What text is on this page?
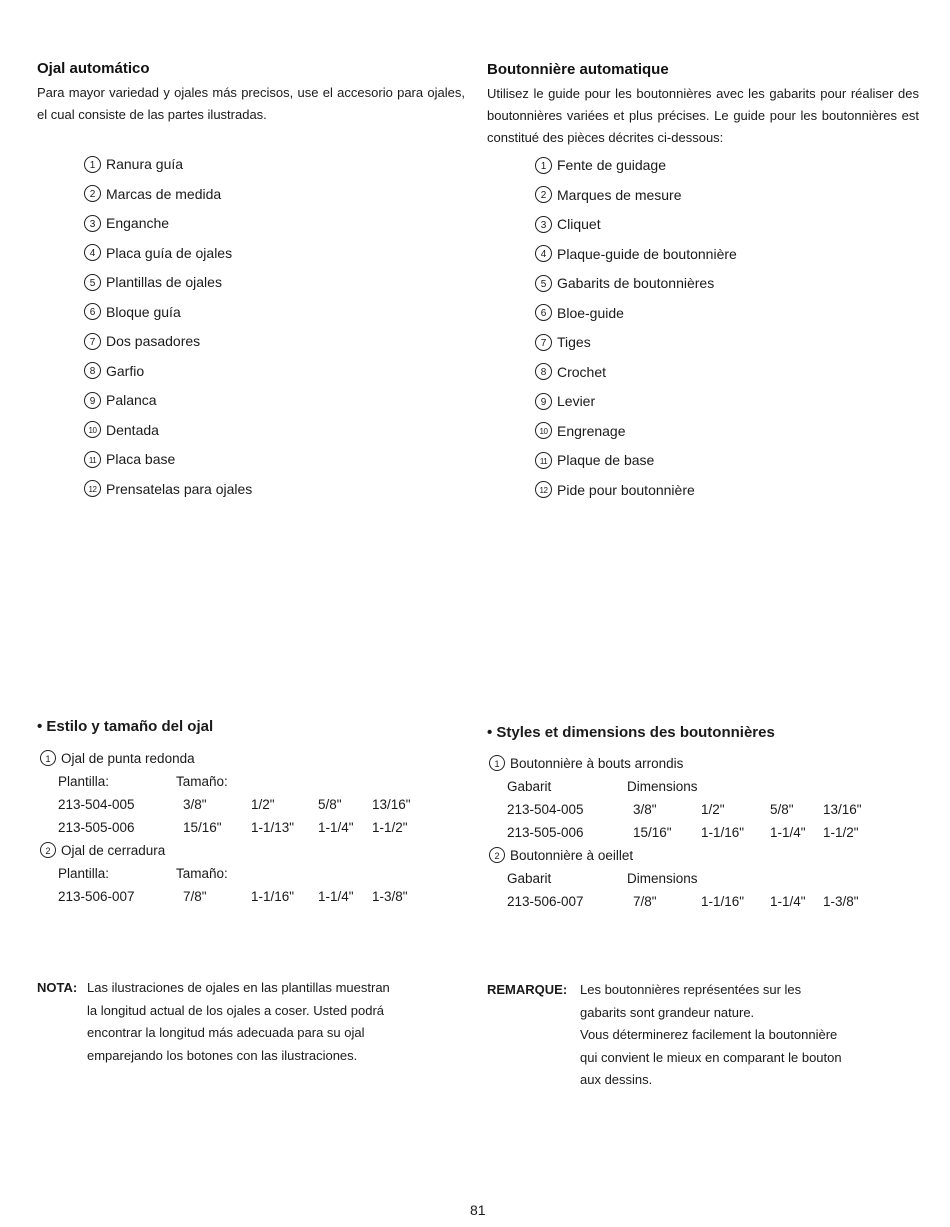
Ojal automático
Para mayor variedad y ojales más precisos, use el accesorio para ojales, el cual consiste de las partes ilustradas.
1 Ranura guía
2 Marcas de medida
3 Enganche
4 Placa guía de ojales
5 Plantillas de ojales
6 Bloque guía
7 Dos pasadores
8 Garfio
9 Palanca
10 Dentada
11 Placa base
12 Prensatelas para ojales
Boutonnière automatique
Utilisez le guide pour les boutonnières avec les gabarits pour réaliser des boutonnières variées et plus précises. Le guide pour les boutonnières est constitué des pièces décrites ci-dessous:
1 Fente de guidage
2 Marques de mesure
3 Cliquet
4 Plaque-guide de boutonnière
5 Gabarits de boutonnières
6 Bloe-guide
7 Tiges
8 Crochet
9 Levier
10 Engrenage
11 Plaque de base
12 Pide pour boutonnière
• Estilo y tamaño del ojal
1 Ojal de punta redonda
Plantilla:	Tamaño:
213-504-005	3/8"	1/2"	5/8" 13/16"
213-505-006	15/16" 1-1/13" 1-1/4" 1-1/2"
2 Ojal de cerradura
Plantilla:	Tamaño:
213-506-007	7/8"	1-1/16" 1-1/4" 1-3/8"
• Styles et dimensions des boutonnières
1 Boutonnière à bouts arrondis
Gabarit	Dimensions
213-504-005	3/8"	1/2"	5/8" 13/16"
213-505-006	15/16" 1-1/16" 1-1/4" 1-1/2"
2 Boutonnière à oeillet
Gabarit	Dimensions
213-506-007	7/8"	1-1/16" 1-1/4" 1-3/8"
NOTA: Las ilustraciones de ojales en las plantillas muestran
la longitud actual de los ojales a coser. Usted podrá
encontrar la longitud más adecuada para su ojal
emparejando los botones con las ilustraciones.
REMARQUE: Les boutonnières représentées sur les
gabarits sont grandeur nature.
Vous déterminerez facilement la boutonnière
qui convient le mieux en comparant le bouton
aux dessins.
81
